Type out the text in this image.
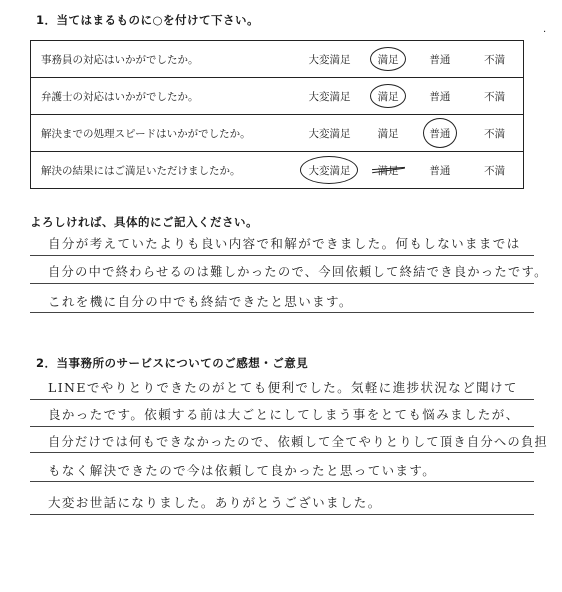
1．当てはまるものに○を付けて下さい。
.
事務員の対応はいかがでしたか。	大変満足	満足	普通	不満
弁護士の対応はいかがでしたか。	大変満足	満足	普通	不満
解決までの処理スピードはいかがでしたか。	大変満足	満足	普通	不満
解決の結果にはご満足いただけましたか。	大変満足	満足	普通	不満
よろしければ、具体的にご記入ください。
自分が考えていたよりも良い内容で和解ができました。何もしないままでは
自分の中で終わらせるのは難しかったので、今回依頼して終結でき良かったです。
これを機に自分の中でも終結できたと思います。
2．当事務所のサービスについてのご感想・ご意見
LINEでやりとりできたのがとても便利でした。気軽に進捗状況など聞けて
良かったです。依頼する前は大ごとにしてしまう事をとても悩みましたが、
自分だけでは何もできなかったので、依頼して全てやりとりして頂き自分への負担
もなく解決できたので今は依頼して良かったと思っています。
大変お世話になりました。ありがとうございました。
